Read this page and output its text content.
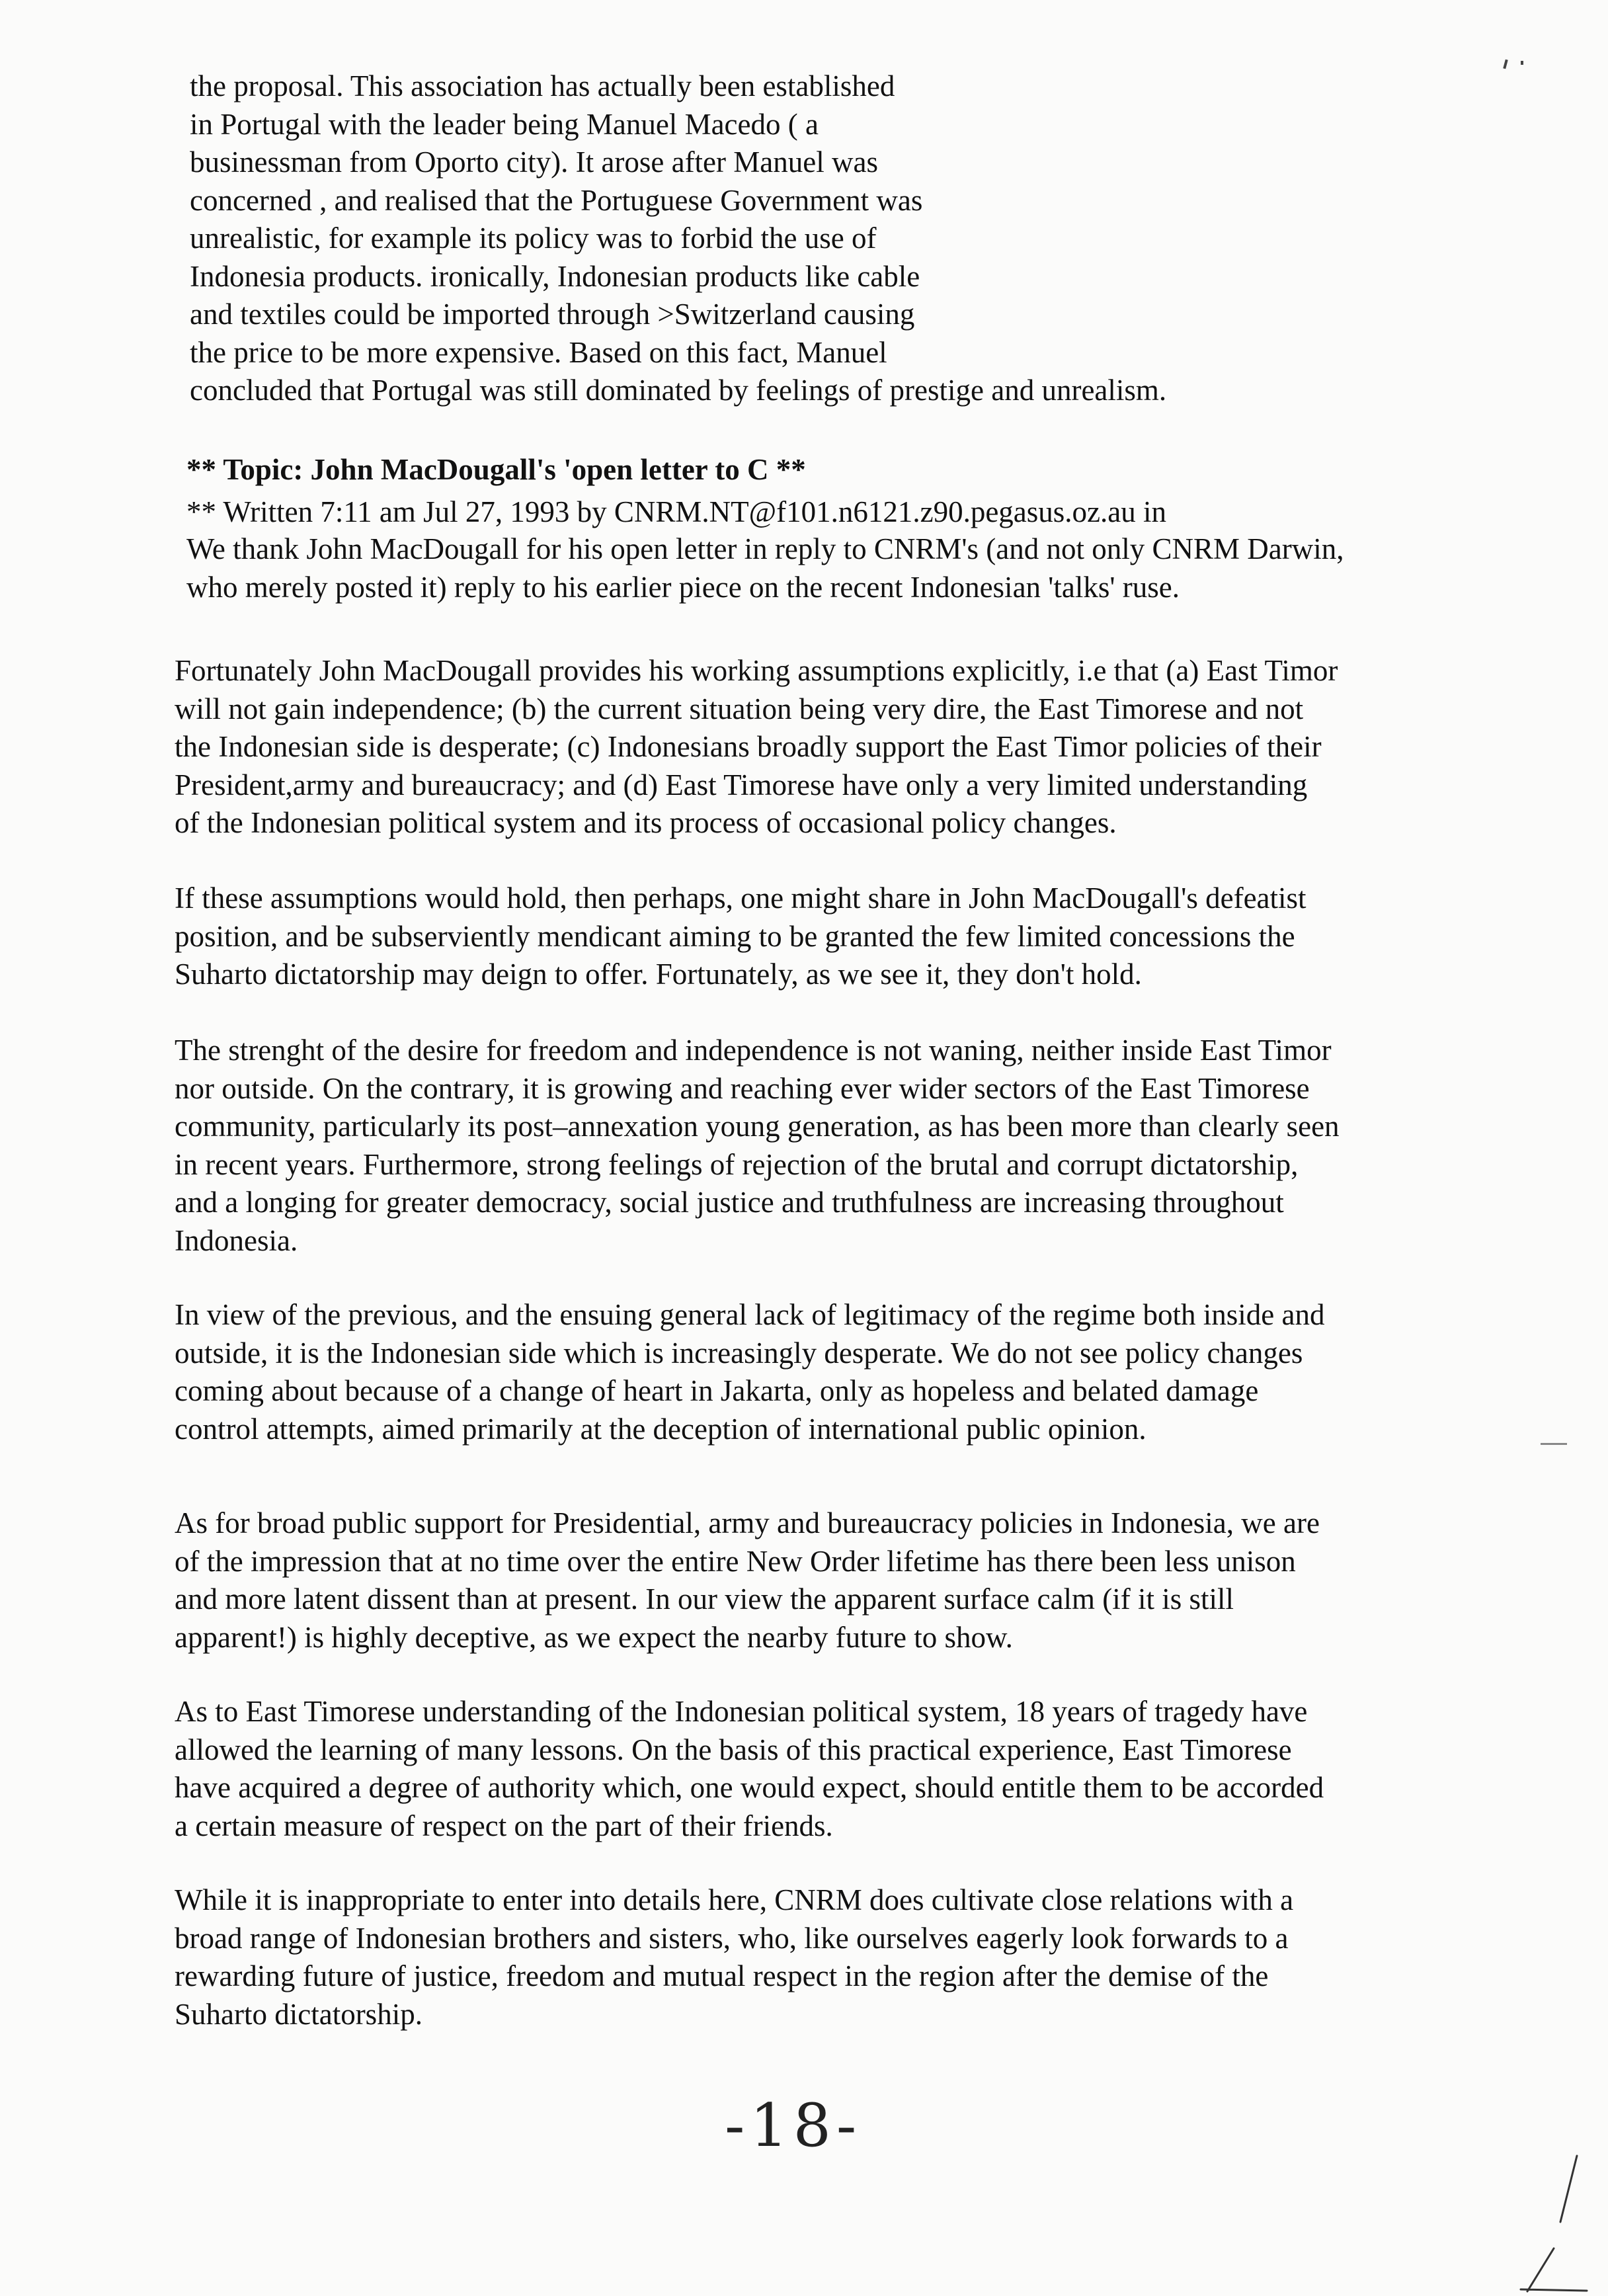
the proposal. This association has actually been established
in Portugal with the leader being Manuel Macedo ( a
businessman from Oporto city). It arose after Manuel was
concerned , and realised that the Portuguese Government was
unrealistic, for example its policy was to forbid the use of
Indonesia products. ironically, Indonesian products like cable
and textiles could be imported through >Switzerland causing
the price to be more expensive. Based on this fact, Manuel
concluded that Portugal was still dominated by feelings of prestige and unrealism.

** Topic: John MacDougall's 'open letter to C **

** Written 7:11 am Jul 27, 1993 by CNRM.NT@f101.n6121.z90.pegasus.oz.au in

We thank John MacDougall for his open letter in reply to CNRM's (and not only CNRM Darwin,
who merely posted it) reply to his earlier piece on the recent Indonesian 'talks' ruse.

Fortunately John MacDougall provides his working assumptions explicitly, i.e that (a) East Timor
will not gain independence; (b) the current situation being very dire, the East Timorese and not
the Indonesian side is desperate; (c) Indonesians broadly support the East Timor policies of their
President,army and bureaucracy; and (d) East Timorese have only a very limited understanding
of the Indonesian political system and its process of occasional policy changes.

If these assumptions would hold, then perhaps, one might share in John MacDougall's defeatist
position, and be subserviently mendicant aiming to be granted the few limited concessions the
Suharto dictatorship may deign to offer. Fortunately, as we see it, they don't hold.

The strenght of the desire for freedom and independence is not waning, neither inside East Timor
nor outside. On the contrary, it is growing and reaching ever wider sectors of the East Timorese
community, particularly its post–annexation young generation, as has been more than clearly seen
in recent years. Furthermore, strong feelings of rejection of the brutal and corrupt dictatorship,
and a longing for greater democracy, social justice and truthfulness are increasing throughout
Indonesia.

In view of the previous, and the ensuing general lack of legitimacy of the regime both inside and
outside, it is the Indonesian side which is increasingly desperate. We do not see policy changes
coming about because of a change of heart in Jakarta, only as hopeless and belated damage
control attempts, aimed primarily at the deception of international public opinion.

As for broad public support for Presidential, army and bureaucracy policies in Indonesia, we are
of the impression that at no time over the entire New Order lifetime has there been less unison
and more latent dissent than at present. In our view the apparent surface calm (if it is still
apparent!) is highly deceptive, as we expect the nearby future to show.

As to East Timorese understanding of the Indonesian political system, 18 years of tragedy have
allowed the learning of many lessons. On the basis of this practical experience, East Timorese
have acquired a degree of authority which, one would expect, should entitle them to be accorded
a certain measure of respect on the part of their friends.

While it is inappropriate to enter into details here, CNRM does cultivate close relations with a
broad range of Indonesian brothers and sisters, who, like ourselves eagerly look forwards to a
rewarding future of justice, freedom and mutual respect in the region after the demise of the
Suharto dictatorship.

-18-
